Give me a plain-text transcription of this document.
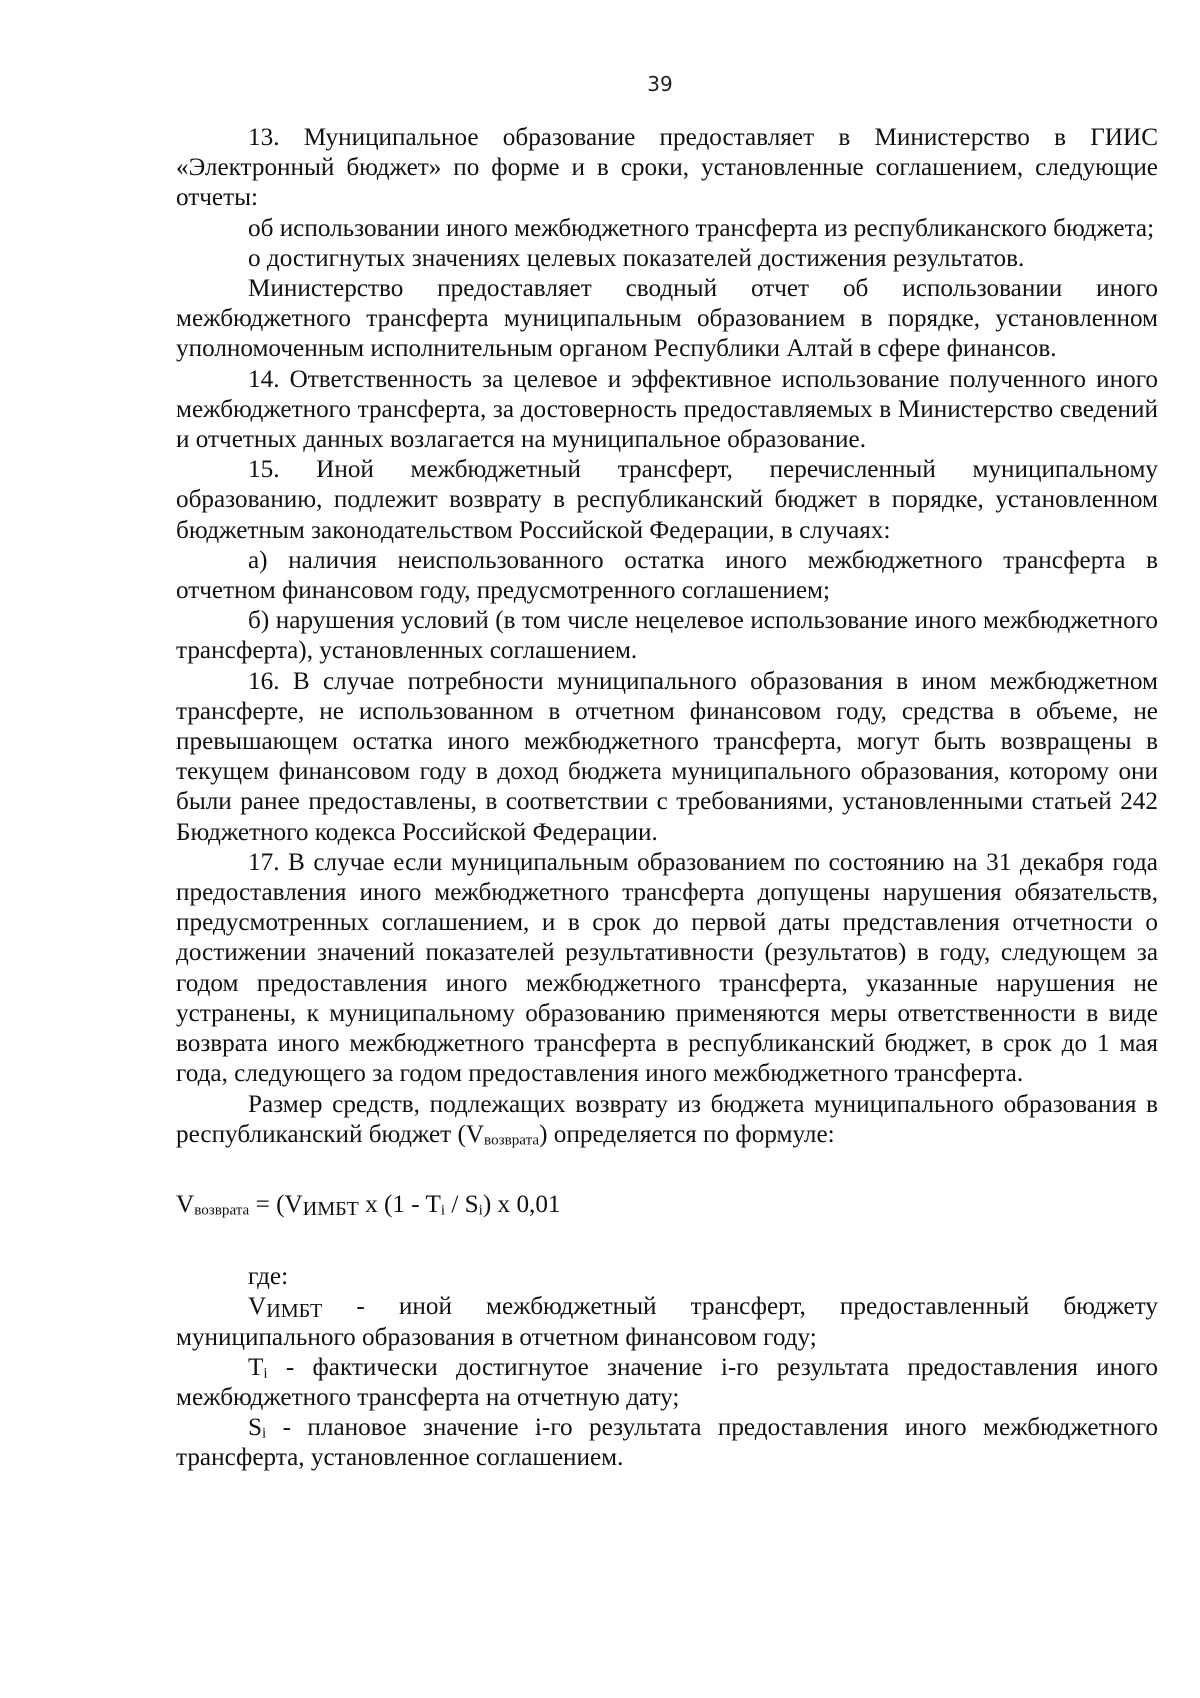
39

13. Муниципальное образование предоставляет в Министерство в ГИИС «Электронный бюджет» по форме и в сроки, установленные соглашением, следующие отчеты:

об использовании иного межбюджетного трансферта из республиканского бюджета;

о достигнутых значениях целевых показателей достижения результатов.

Министерство предоставляет сводный отчет об использовании иного межбюджетного трансферта муниципальным образованием в порядке, установленном уполномоченным исполнительным органом Республики Алтай в сфере финансов.

14. Ответственность за целевое и эффективное использование полученного иного межбюджетного трансферта, за достоверность предоставляемых в Министерство сведений и отчетных данных возлагается на муниципальное образование.

15. Иной межбюджетный трансферт, перечисленный муниципальному образованию, подлежит возврату в республиканский бюджет в порядке, установленном бюджетным законодательством Российской Федерации, в случаях:

а) наличия неиспользованного остатка иного межбюджетного трансферта в отчетном финансовом году, предусмотренного соглашением;

б) нарушения условий (в том числе нецелевое использование иного межбюджетного трансферта), установленных соглашением.

16. В случае потребности муниципального образования в ином межбюджетном трансферте, не использованном в отчетном финансовом году, средства в объеме, не превышающем остатка иного межбюджетного трансферта, могут быть возвращены в текущем финансовом году в доход бюджета муниципального образования, которому они были ранее предоставлены, в соответствии с требованиями, установленными статьей 242 Бюджетного кодекса Российской Федерации.

17. В случае если муниципальным образованием по состоянию на 31 декабря года предоставления иного межбюджетного трансферта допущены нарушения обязательств, предусмотренных соглашением, и в срок до первой даты представления отчетности о достижении значений показателей результативности (результатов) в году, следующем за годом предоставления иного межбюджетного трансферта, указанные нарушения не устранены, к муниципальному образованию применяются меры ответственности в виде возврата иного межбюджетного трансферта в республиканский бюджет, в срок до 1 мая года, следующего за годом предоставления иного межбюджетного трансферта.

Размер средств, подлежащих возврату из бюджета муниципального образования в республиканский бюджет $(V_{возврата})$ определяется по формуле:

$V_{возврата} = (V_{ИМБТ}$ x $(1 - T_i / S_i)$ x 0,01

где:

$V_{ИМБТ}$ - иной межбюджетный трансферт, предоставленный бюджету муниципального образования в отчетном финансовом году;

$T_i$ - фактически достигнутое значение i-го результата предоставления иного межбюджетного трансферта на отчетную дату;

$S_i$ - плановое значение i-го результата предоставления иного межбюджетного трансферта, установленное соглашением.
